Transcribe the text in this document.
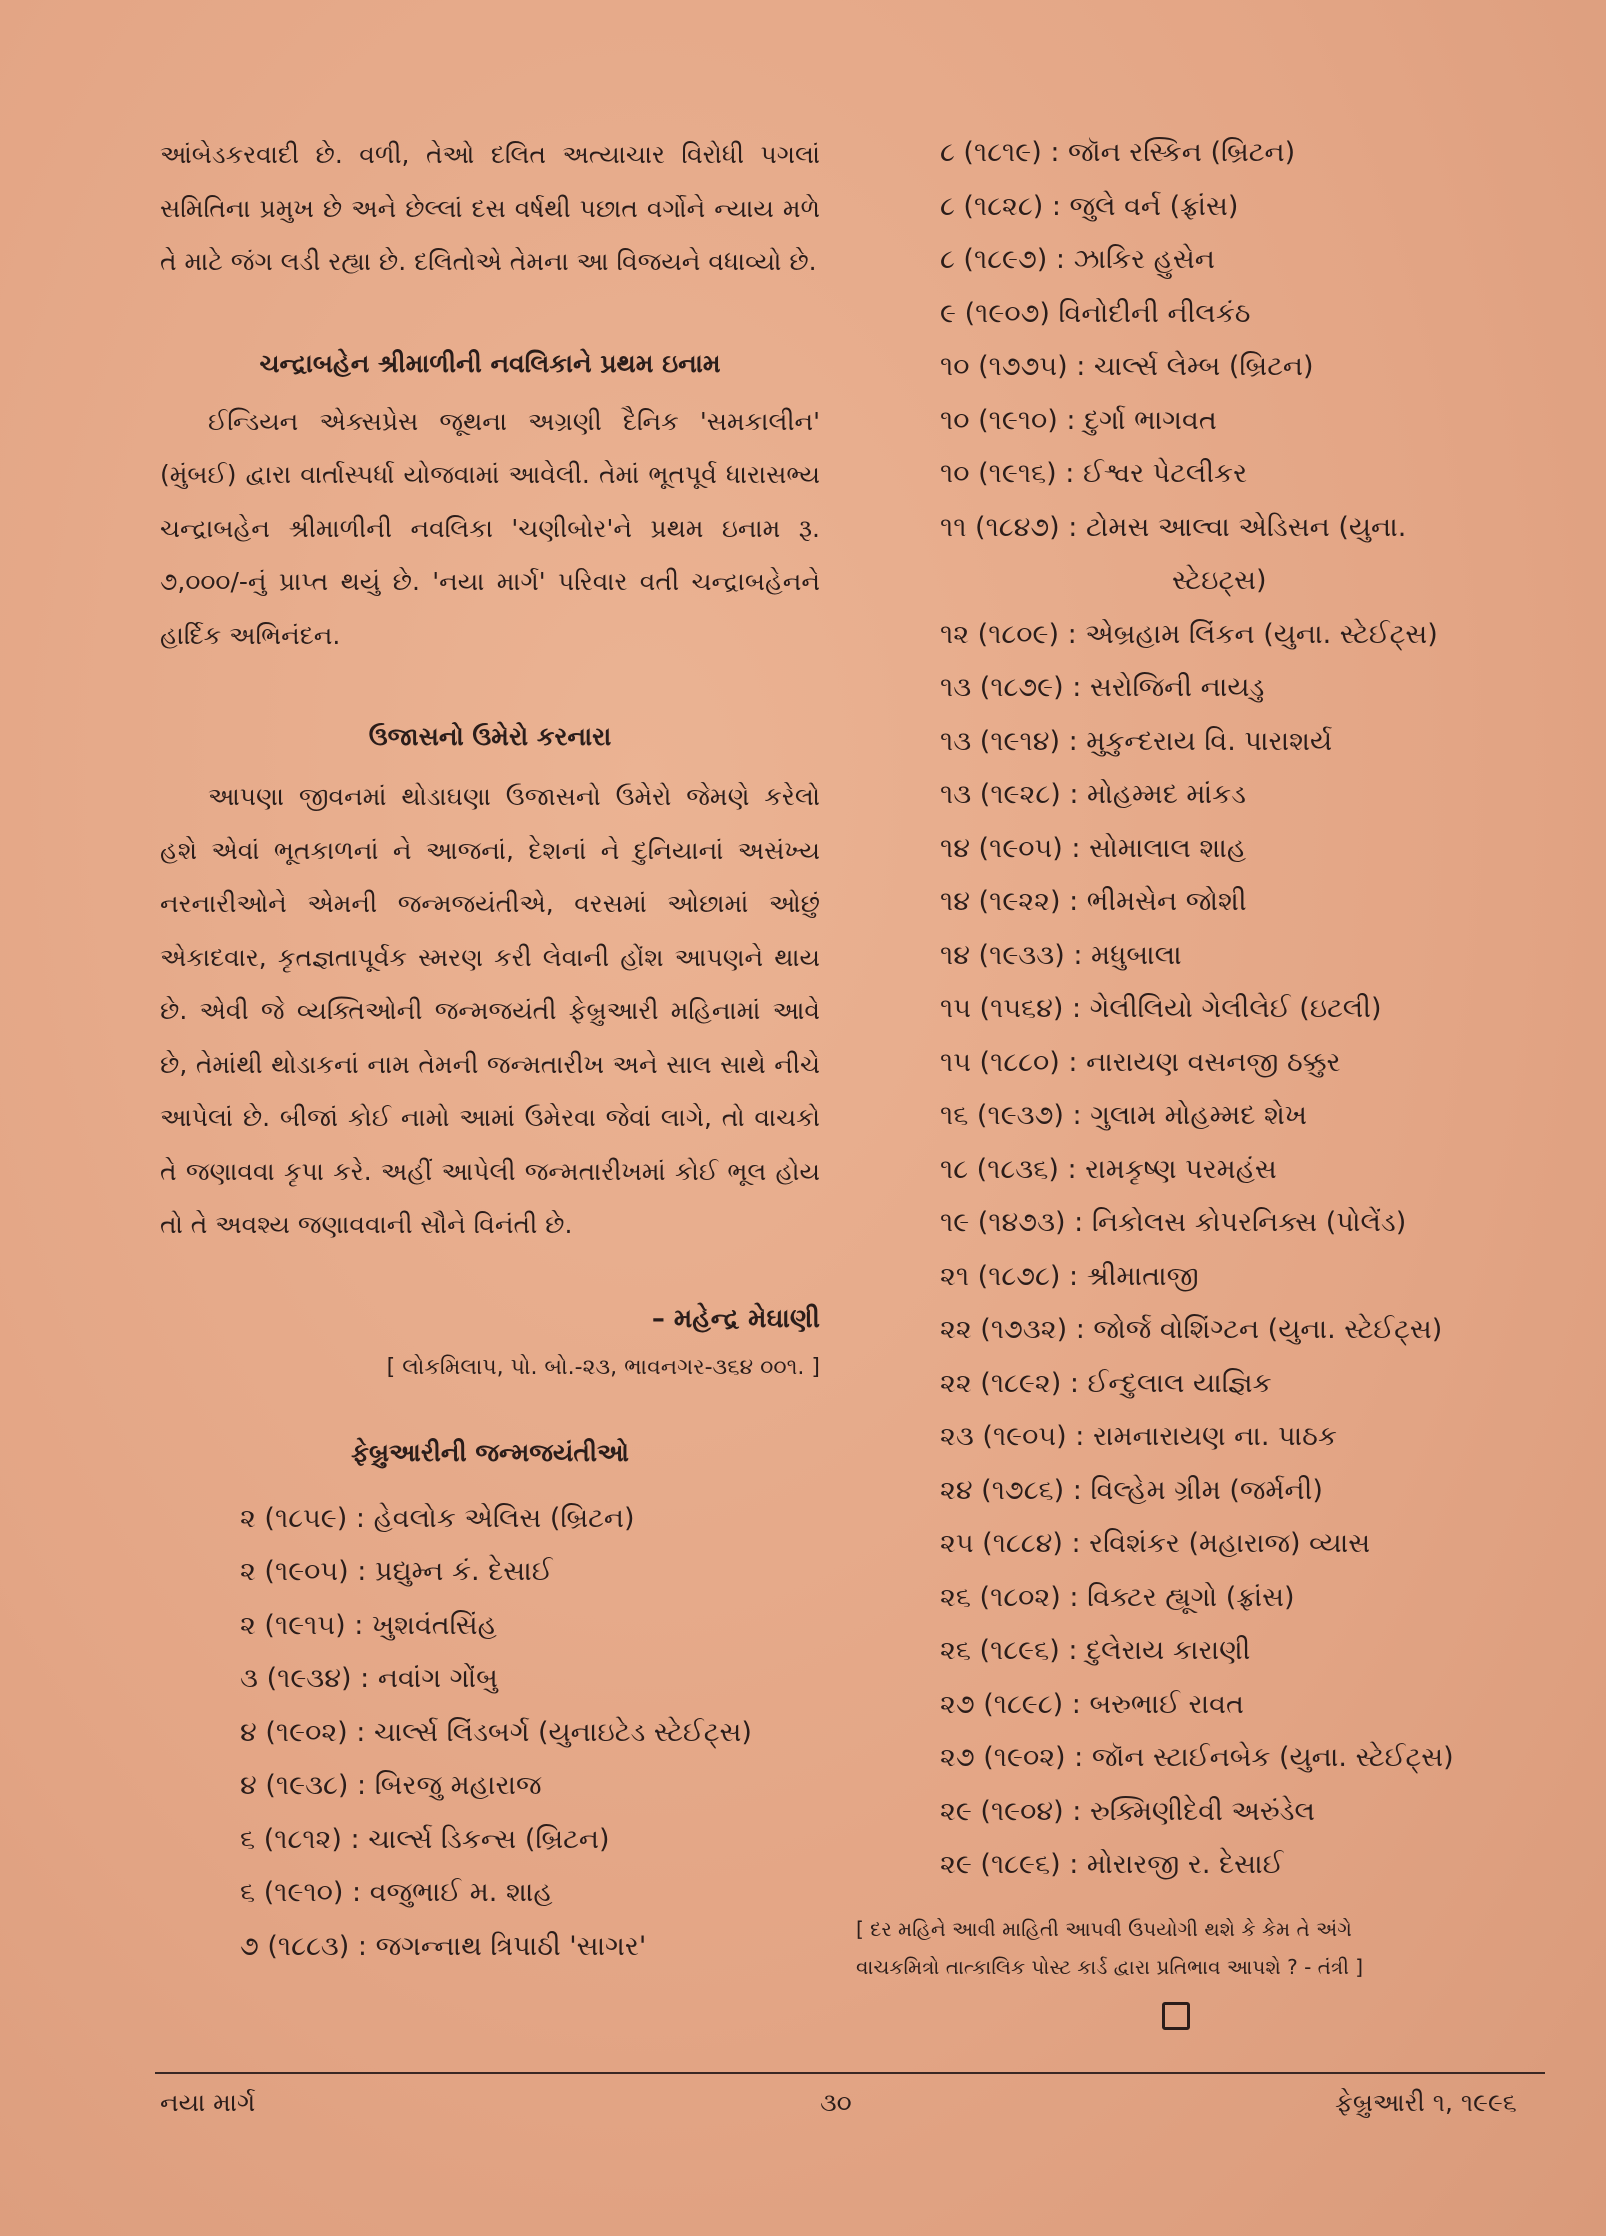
આંબેડકરવાદી છે. વળી, તેઓ દલિત અત્યાચાર વિરોધી પગલાં સમિતિના પ્રમુખ છે અને છેલ્લાં દસ વર્ષથી પછાત વર્ગોને ન્યાય મળે તે માટે જંગ લડી રહ્યા છે. દલિતોએ તેમના આ વિજયને વધાવ્યો છે.

ચન્દ્રાબહેન શ્રીમાળીની નવલિકાને પ્રથમ ઇનામ

ઈન્ડિયન એક્સપ્રેસ જૂથના અગ્રણી દૈનિક 'સમકાલીન' (મુંબઈ) દ્વારા વાર્તાસ્પર્ધા યોજવામાં આવેલી. તેમાં ભૂતપૂર્વ ધારાસભ્ય ચન્દ્રાબહેન શ્રીમાળીની નવલિકા 'ચણીબોર'ને પ્રથમ ઇનામ રૂ. ૭,૦૦૦/-નું પ્રાપ્ત થયું છે. 'નયા માર્ગ' પરિવાર વતી ચન્દ્રાબહેનને હાર્દિક અભિનંદન.

ઉજાસનો ઉમેરો કરનારા

આપણા જીવનમાં થોડાઘણા ઉજાસનો ઉમેરો જેમણે કરેલો હશે એવાં ભૂતકાળનાં ને આજનાં, દેશનાં ને દુનિયાનાં અસંખ્ય નરનારીઓને એમની જન્મજયંતીએ, વરસમાં ઓછામાં ઓછું એકાદવાર, કૃતજ્ઞતાપૂર્વક સ્મરણ કરી લેવાની હોંશ આપણને થાય છે. એવી જે વ્યક્તિઓની જન્મજયંતી ફેબ્રુઆરી મહિનામાં આવે છે, તેમાંથી થોડાકનાં નામ તેમની જન્મતારીખ અને સાલ સાથે નીચે આપેલાં છે. બીજાં કોઈ નામો આમાં ઉમેરવા જેવાં લાગે, તો વાચકો તે જણાવવા કૃપા કરે. અહીં આપેલી જન્મતારીખમાં કોઈ ભૂલ હોય તો તે અવશ્ય જણાવવાની સૌને વિનંતી છે.

– મહેન્દ્ર મેઘાણી
[ લોકમિલાપ, પો. બો.-૨૩, ભાવનગર-૩૬૪ ૦૦૧. ]

ફેબ્રુઆરીની જન્મજયંતીઓ

૨ (૧૮૫૯) : હેવલોક એલિસ (બ્રિટન)
૨ (૧૯૦૫) : પ્રદ્યુમ્ન કં. દેસાઈ
૨ (૧૯૧૫) : ખુશવંતસિંહ
૩ (૧૯૩૪) : નવાંગ ગોંબુ
૪ (૧૯૦૨) : ચાર્લ્સ લિંડબર્ગ (યુનાઇટેડ સ્ટેઈટ્સ)
૪ (૧૯૩૮) : બિરજુ મહારાજ
૬ (૧૮૧૨) : ચાર્લ્સ ડિકન્સ (બ્રિટન)
૬ (૧૯૧૦) : વજુભાઈ મ. શાહ
૭ (૧૮૮૩) : જગન્નાથ ત્રિપાઠી 'સાગર'
૮ (૧૮૧૯) : જૉન રસ્કિન (બ્રિટન)
૮ (૧૮૨૮) : જુલે વર્ન (ફ્રાંસ)
૮ (૧૮૯૭) : ઝાકિર હુસેન
૯ (૧૯૦૭) વિનોદીની નીલકંઠ
૧૦ (૧૭૭૫) : ચાર્લ્સ લેમ્બ (બ્રિટન)
૧૦ (૧૯૧૦) : દુર્ગા ભાગવત
૧૦ (૧૯૧૬) : ઈશ્વર પેટલીકર
૧૧ (૧૮૪૭) : ટોમસ આલ્વા એડિસન (યુના.
સ્ટેઇટ્સ)
૧૨ (૧૮૦૯) : એબ્રહામ લિંકન (યુના. સ્ટેઈટ્સ)
૧૩ (૧૮૭૯) : સરોજિની નાયડુ
૧૩ (૧૯૧૪) : મુકુન્દરાય વિ. પારાશર્ય
૧૩ (૧૯૨૮) : મોહમ્મદ માંકડ
૧૪ (૧૯૦૫) : સોમાલાલ શાહ
૧૪ (૧૯૨૨) : ભીમસેન જોશી
૧૪ (૧૯૩૩) : મધુબાલા
૧૫ (૧૫૬૪) : ગેલીલિયો ગેલીલેઈ (ઇટલી)
૧૫ (૧૮૮૦) : નારાયણ વસનજી ઠક્કુર
૧૬ (૧૯૩૭) : ગુલામ મોહમ્મદ શેખ
૧૮ (૧૮૩૬) : રામકૃષ્ણ પરમહંસ
૧૯ (૧૪૭૩) : નિકોલસ કોપરનિક્સ (પોલેંડ)
૨૧ (૧૮૭૮) : શ્રીમાતાજી
૨૨ (૧૭૩૨) : જોર્જ વોશિંગ્ટન (યુના. સ્ટેઈટ્સ)
૨૨ (૧૮૯૨) : ઈન્દુલાલ યાજ્ઞિક
૨૩ (૧૯૦૫) : રામનારાયણ ના. પાઠક
૨૪ (૧૭૮૬) : વિલ્હેમ ગ્રીમ (જર્મની)
૨૫ (૧૮૮૪) : રવિશંકર (મહારાજ) વ્યાસ
૨૬ (૧૮૦૨) : વિક્ટર હ્યૂગો (ફ્રાંસ)
૨૬ (૧૮૯૬) : દુલેરાય કારાણી
૨૭ (૧૮૯૮) : બરુભાઈ રાવત
૨૭ (૧૯૦૨) : જૉન સ્ટાઈનબેક (યુના. સ્ટેઈટ્સ)
૨૯ (૧૯૦૪) : રુક્મિણીદેવી અરુંડેલ
૨૯ (૧૮૯૬) : મોરારજી ર. દેસાઈ
[ દર મહિને આવી માહિતી આપવી ઉપયોગી થશે કે કેમ તે અંગે
વાચકમિત્રો તાત્કાલિક પોસ્ટ કાર્ડ દ્વારા પ્રતિભાવ આપશે ? - તંત્રી ]
નયા માર્ગ	૩૦	ફેબ્રુઆરી ૧, ૧૯૯૬
